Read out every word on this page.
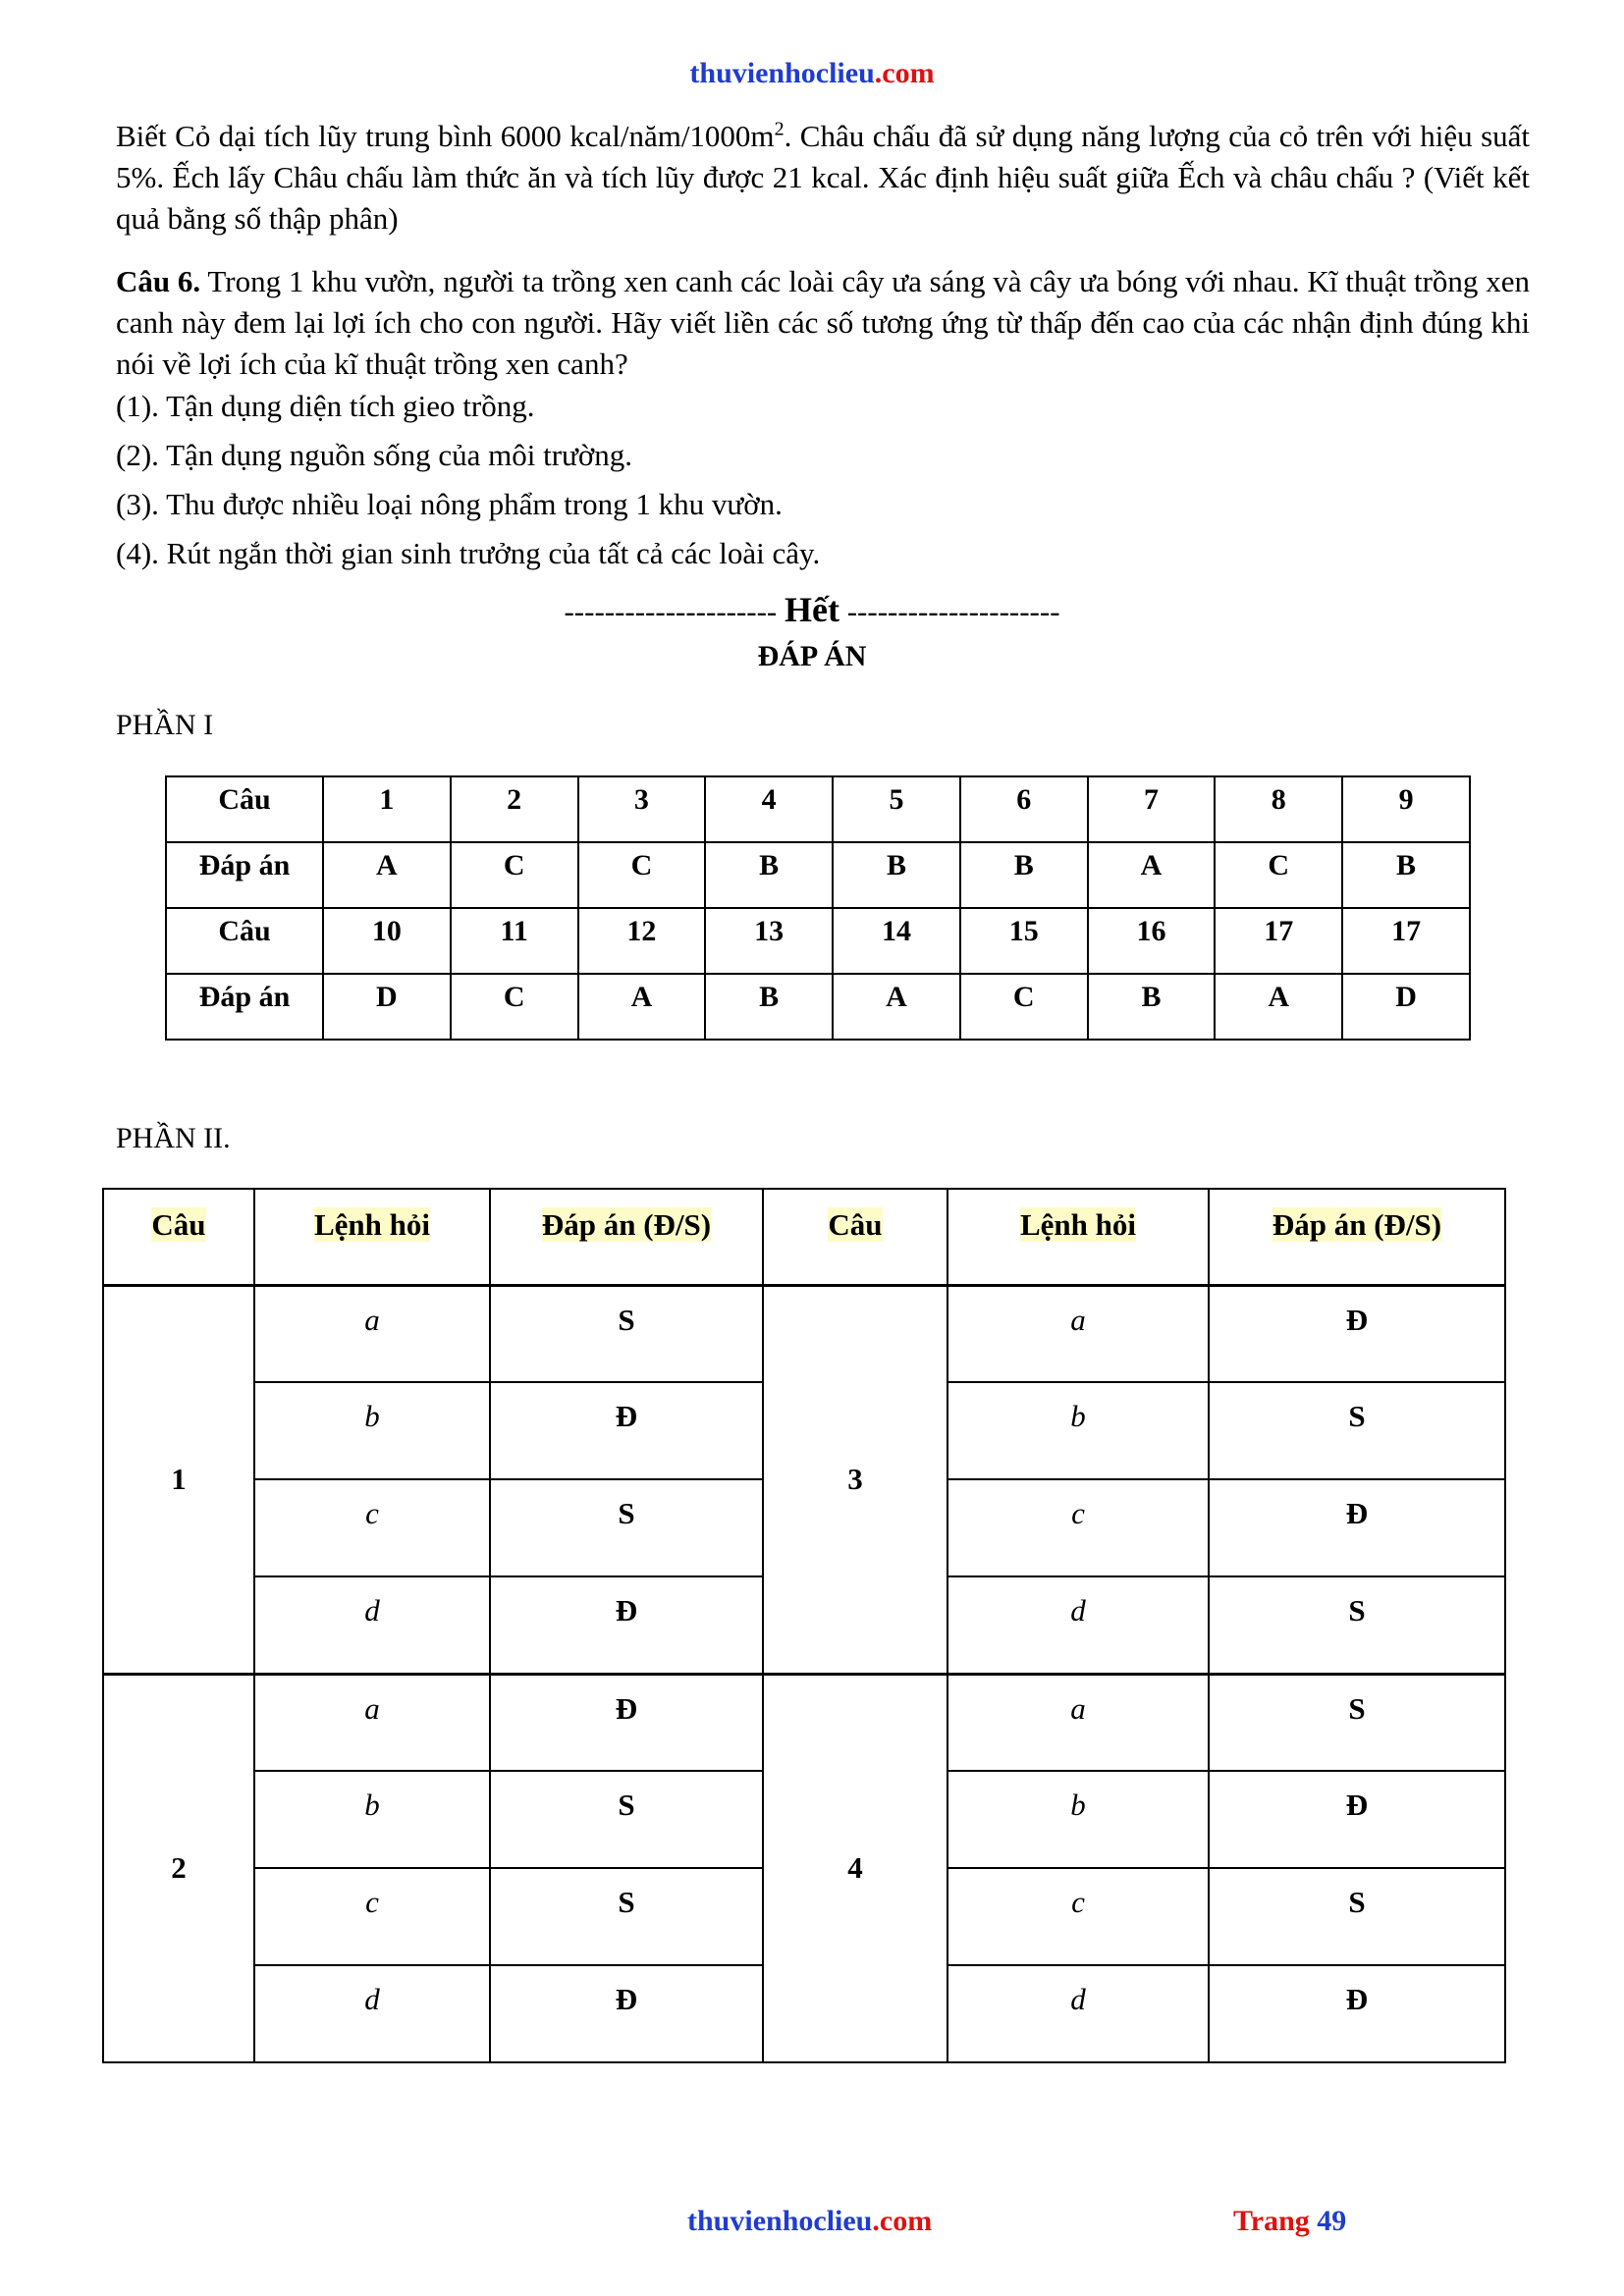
thuvienhoclieu.com
Biết Cỏ dại tích lũy trung bình 6000 kcal/$năm/1000m^2$. Châu chấu đã sử dụng năng lượng của cỏ trên với hiệu suất 5%. Ếch lấy Châu chấu làm thức ăn và tích lũy được 21 kcal. Xác định hiệu suất giữa Ếch và châu chấu ? (Viết kết quả bằng số thập phân)
Câu 6. Trong 1 khu vườn, người ta trồng xen canh các loài cây ưa sáng và cây ưa bóng với nhau. Kĩ thuật trồng xen canh này đem lại lợi ích cho con người. Hãy viết liền các số tương ứng từ thấp đến cao của các nhận định đúng khi nói về lợi ích của kĩ thuật trồng xen canh?
(1). Tận dụng diện tích gieo trồng.
(2). Tận dụng nguồn sống của môi trường.
(3). Thu được nhiều loại nông phẩm trong 1 khu vườn.
(4). Rút ngắn thời gian sinh trưởng của tất cả các loài cây.
--------------------- Hết ---------------------
ĐÁP ÁN
PHẦN I
Câu	1	2	3	4	5	6	7	8	9
Đáp án	A	C	C	B	B	B	A	C	B
Câu	10	11	12	13	14	15	16	17	17
Đáp án	D	C	A	B	A	C	B	A	D
PHẦN II.
Câu	Lệnh hỏi	Đáp án (Đ/S)	Câu	Lệnh hỏi	Đáp án (Đ/S)
1	a	S	3	a	Đ
	b	Đ		b	S
	c	S		c	Đ
	d	Đ		d	S
2	a	Đ	4	a	S
	b	S		b	Đ
	c	S		c	S
	d	Đ		d	Đ
thuvienhoclieu.com	Trang 49
